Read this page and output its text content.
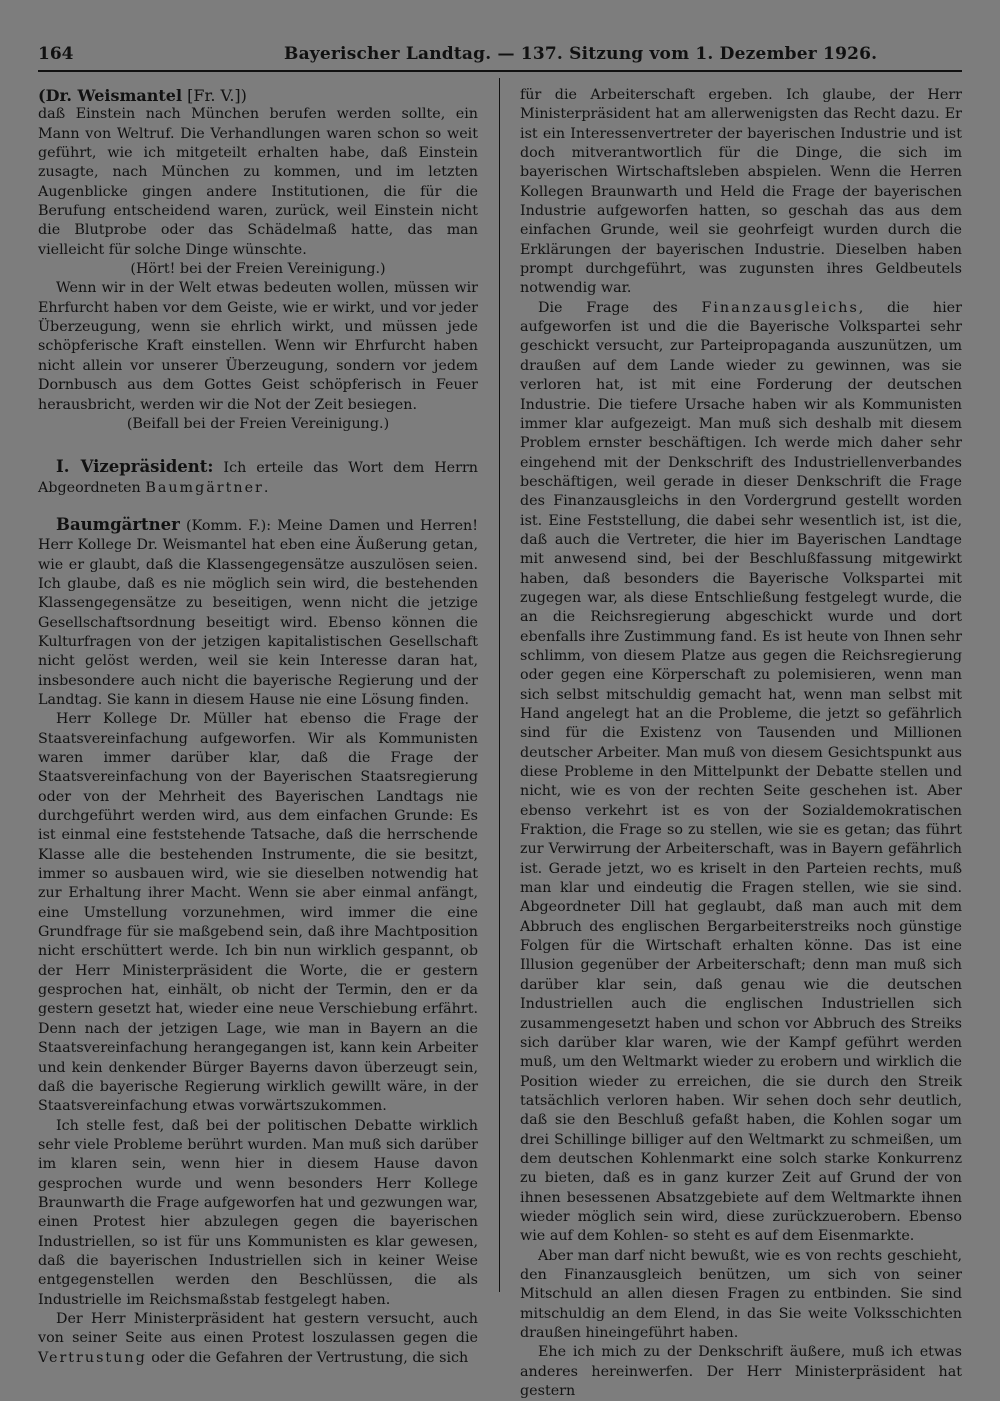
164	Bayerischer Landtag. — 137. Sitzung vom 1. Dezember 1926.

(Dr. Weismantel [Fr. V.])

daß Einstein nach München berufen werden sollte, ein Mann von Weltruf. Die Verhandlungen waren schon so weit geführt, wie ich mitgeteilt erhalten habe, daß Einstein zusagte, nach München zu kommen, und im letzten Augenblicke gingen andere Institutionen, die für die Berufung entscheidend waren, zurück, weil Einstein nicht die Blutprobe oder das Schädelmaß hatte, das man vielleicht für solche Dinge wünschte.

(Hört! bei der Freien Vereinigung.)

Wenn wir in der Welt etwas bedeuten wollen, müssen wir Ehrfurcht haben vor dem Geiste, wie er wirkt, und vor jeder Überzeugung, wenn sie ehrlich wirkt, und müssen jede schöpferische Kraft einstellen. Wenn wir Ehrfurcht haben nicht allein vor unserer Überzeugung, sondern vor jedem Dornbusch aus dem Gottes Geist schöpferisch in Feuer herausbricht, werden wir die Not der Zeit besiegen.

(Beifall bei der Freien Vereinigung.)

I. Vizepräsident: Ich erteile das Wort dem Herrn Abgeordneten Baumgärtner.

Baumgärtner (Komm. F.): Meine Damen und Herren! Herr Kollege Dr. Weismantel hat eben eine Äußerung getan, wie er glaubt, daß die Klassengegensätze auszulösen seien. Ich glaube, daß es nie möglich sein wird, die bestehenden Klassengegensätze zu beseitigen, wenn nicht die jetzige Gesellschaftsordnung beseitigt wird. Ebenso können die Kulturfragen von der jetzigen kapitalistischen Gesellschaft nicht gelöst werden, weil sie kein Interesse daran hat, insbesondere auch nicht die bayerische Regierung und der Landtag. Sie kann in diesem Hause nie eine Lösung finden.

Herr Kollege Dr. Müller hat ebenso die Frage der Staatsvereinfachung aufgeworfen. Wir als Kommunisten waren immer darüber klar, daß die Frage der Staatsvereinfachung von der Bayerischen Staatsregierung oder von der Mehrheit des Bayerischen Landtags nie durchgeführt werden wird, aus dem einfachen Grunde: Es ist einmal eine feststehende Tatsache, daß die herrschende Klasse alle die bestehenden Instrumente, die sie besitzt, immer so ausbauen wird, wie sie dieselben notwendig hat zur Erhaltung ihrer Macht. Wenn sie aber einmal anfängt, eine Umstellung vorzunehmen, wird immer die eine Grundfrage für sie maßgebend sein, daß ihre Machtposition nicht erschüttert werde. Ich bin nun wirklich gespannt, ob der Herr Ministerpräsident die Worte, die er gestern gesprochen hat, einhält, ob nicht der Termin, den er da gestern gesetzt hat, wieder eine neue Verschiebung erfährt. Denn nach der jetzigen Lage, wie man in Bayern an die Staatsvereinfachung herangegangen ist, kann kein Arbeiter und kein denkender Bürger Bayerns davon überzeugt sein, daß die bayerische Regierung wirklich gewillt wäre, in der Staatsvereinfachung etwas vorwärtszukommen.

Ich stelle fest, daß bei der politischen Debatte wirklich sehr viele Probleme berührt wurden. Man muß sich darüber im klaren sein, wenn hier in diesem Hause davon gesprochen wurde und wenn besonders Herr Kollege Braunwarth die Frage aufgeworfen hat und gezwungen war, einen Protest hier abzulegen gegen die bayerischen Industriellen, so ist für uns Kommunisten es klar gewesen, daß die bayerischen Industriellen sich in keiner Weise entgegenstellen werden den Beschlüssen, die als Industrielle im Reichsmaßstab festgelegt haben.

Der Herr Ministerpräsident hat gestern versucht, auch von seiner Seite aus einen Protest loszulassen gegen die Vertrustung oder die Gefahren der Vertrustung, die sich

für die Arbeiterschaft ergeben. Ich glaube, der Herr Ministerpräsident hat am allerwenigsten das Recht dazu. Er ist ein Interessenvertreter der bayerischen Industrie und ist doch mitverantwortlich für die Dinge, die sich im bayerischen Wirtschaftsleben abspielen. Wenn die Herren Kollegen Braunwarth und Held die Frage der bayerischen Industrie aufgeworfen hatten, so geschah das aus dem einfachen Grunde, weil sie geohrfeigt wurden durch die Erklärungen der bayerischen Industrie. Dieselben haben prompt durchgeführt, was zugunsten ihres Geldbeutels notwendig war.

Die Frage des Finanzausgleichs, die hier aufgeworfen ist und die die Bayerische Volkspartei sehr geschickt versucht, zur Parteipropaganda auszunützen, um draußen auf dem Lande wieder zu gewinnen, was sie verloren hat, ist mit eine Forderung der deutschen Industrie. Die tiefere Ursache haben wir als Kommunisten immer klar aufgezeigt. Man muß sich deshalb mit diesem Problem ernster beschäftigen. Ich werde mich daher sehr eingehend mit der Denkschrift des Industriellenverbandes beschäftigen, weil gerade in dieser Denkschrift die Frage des Finanzausgleichs in den Vordergrund gestellt worden ist. Eine Feststellung, die dabei sehr wesentlich ist, ist die, daß auch die Vertreter, die hier im Bayerischen Landtage mit anwesend sind, bei der Beschlußfassung mitgewirkt haben, daß besonders die Bayerische Volkspartei mit zugegen war, als diese Entschließung festgelegt wurde, die an die Reichsregierung abgeschickt wurde und dort ebenfalls ihre Zustimmung fand. Es ist heute von Ihnen sehr schlimm, von diesem Platze aus gegen die Reichsregierung oder gegen eine Körperschaft zu polemisieren, wenn man sich selbst mitschuldig gemacht hat, wenn man selbst mit Hand angelegt hat an die Probleme, die jetzt so gefährlich sind für die Existenz von Tausenden und Millionen deutscher Arbeiter. Man muß von diesem Gesichtspunkt aus diese Probleme in den Mittelpunkt der Debatte stellen und nicht, wie es von der rechten Seite geschehen ist. Aber ebenso verkehrt ist es von der Sozialdemokratischen Fraktion, die Frage so zu stellen, wie sie es getan; das führt zur Verwirrung der Arbeiterschaft, was in Bayern gefährlich ist. Gerade jetzt, wo es kriselt in den Parteien rechts, muß man klar und eindeutig die Fragen stellen, wie sie sind. Abgeordneter Dill hat geglaubt, daß man auch mit dem Abbruch des englischen Bergarbeiterstreiks noch günstige Folgen für die Wirtschaft erhalten könne. Das ist eine Illusion gegenüber der Arbeiterschaft; denn man muß sich darüber klar sein, daß genau wie die deutschen Industriellen auch die englischen Industriellen sich zusammengesetzt haben und schon vor Abbruch des Streiks sich darüber klar waren, wie der Kampf geführt werden muß, um den Weltmarkt wieder zu erobern und wirklich die Position wieder zu erreichen, die sie durch den Streik tatsächlich verloren haben. Wir sehen doch sehr deutlich, daß sie den Beschluß gefaßt haben, die Kohlen sogar um drei Schillinge billiger auf den Weltmarkt zu schmeißen, um dem deutschen Kohlenmarkt eine solch starke Konkurrenz zu bieten, daß es in ganz kurzer Zeit auf Grund der von ihnen besessenen Absatzgebiete auf dem Weltmarkte ihnen wieder möglich sein wird, diese zurückzuerobern. Ebenso wie auf dem Kohlen- so steht es auf dem Eisenmarkte.

Aber man darf nicht bewußt, wie es von rechts geschieht, den Finanzausgleich benützen, um sich von seiner Mitschuld an allen diesen Fragen zu entbinden. Sie sind mitschuldig an dem Elend, in das Sie weite Volksschichten draußen hineingeführt haben.

Ehe ich mich zu der Denkschrift äußere, muß ich etwas anderes hereinwerfen. Der Herr Ministerpräsident hat gestern
